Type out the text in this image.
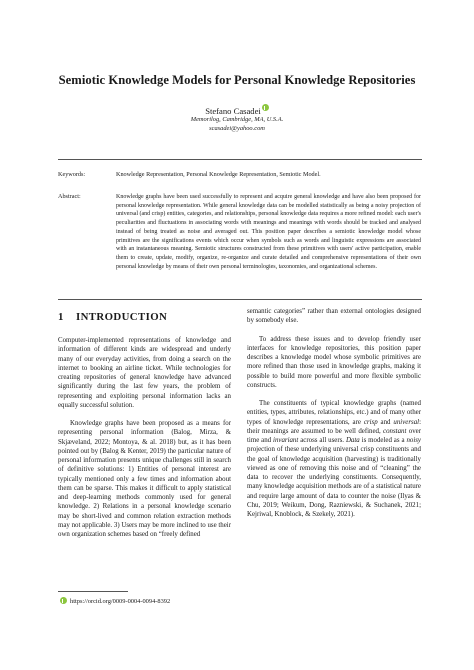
Semiotic Knowledge Models for Personal Knowledge Repositories
Stefano Casadei
Memorilog, Cambridge, MA, U.S.A.
scasadei@yahoo.com
Keywords:	Knowledge Representation, Personal Knowledge Representation, Semiotic Model.
Abstract:	Knowledge graphs have been used successfully to represent and acquire general knowledge and have also been proposed for personal knowledge representation. While general knowledge data can be modelled statistically as being a noisy projection of universal (and crisp) entities, categories, and relationships, personal knowledge data requires a more refined model: each user's peculiarities and fluctuations in associating words with meanings and meanings with words should be tracked and analysed instead of being treated as noise and averaged out. This position paper describes a semiotic knowledge model whose primitives are the significations events which occur when symbols such as words and linguistic expressions are associated with an instantaneous meaning. Semiotic structures constructed from these primitives with users' active participation, enable them to create, update, modify, organize, re-organize and curate detailed and comprehensive representations of their own personal knowledge by means of their own personal terminologies, taxonomies, and organizational schemes.
1 INTRODUCTION

Computer-implemented representations of knowledge and information of different kinds are widespread and underly many of our everyday activities, from doing a search on the internet to booking an airline ticket. While technologies for creating repositories of general knowledge have advanced significantly during the last few years, the problem of representing and exploiting personal information lacks an equally successful solution.

Knowledge graphs have been proposed as a means for representing personal information (Balog, Mirza, & Skjæveland, 2022; Montoya, & al. 2018) but, as it has been pointed out by (Balog & Kenter, 2019) the particular nature of personal information presents unique challenges still in search of definitive solutions: 1) Entities of personal interest are typically mentioned only a few times and information about them can be sparse. This makes it difficult to apply statistical and deep-learning methods commonly used for general knowledge. 2) Relations in a personal knowledge scenario may be short-lived and common relation extraction methods may not applicable. 3) Users may be more inclined to use their own organization schemes based on “freely defined

semantic categories” rather than external ontologies designed by somebody else.

To address these issues and to develop friendly user interfaces for knowledge repositories, this position paper describes a knowledge model whose symbolic primitives are more refined than those used in knowledge graphs, making it possible to build more powerful and more flexible symbolic constructs.

The constituents of typical knowledge graphs (named entities, types, attributes, relationships, etc.) and of many other types of knowledge representations, are crisp and universal: their meanings are assumed to be well defined, constant over time and invariant across all users. Data is modeled as a noisy projection of these underlying universal crisp constituents and the goal of knowledge acquisition (harvesting) is traditionally viewed as one of removing this noise and of “cleaning” the data to recover the underlying constituents. Consequently, many knowledge acquisition methods are of a statistical nature and require large amount of data to counter the noise (Ilyas & Chu, 2019; Weikum, Dong, Razniewski, & Suchanek, 2021; Kejriwal, Knoblock, & Szekely, 2021).

https://orcid.org/0009-0004-0094-8392
